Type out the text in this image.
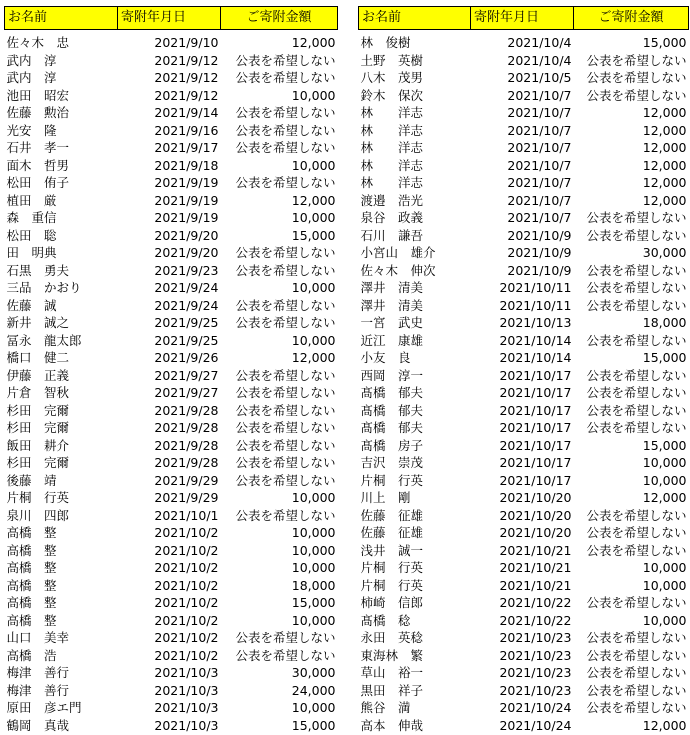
お名前	寄附年月日	ご寄附金額

佐々木　忠	2021/9/10	12,000
武内　淳	2021/9/12	公表を希望しない
武内　淳	2021/9/12	公表を希望しない
池田　昭宏	2021/9/12	10,000
佐藤　勲治	2021/9/14	公表を希望しない
光安　隆	2021/9/16	公表を希望しない
石井　孝一	2021/9/17	公表を希望しない
面木　哲男	2021/9/18	10,000
松田　侑子	2021/9/19	公表を希望しない
植田　厳	2021/9/19	12,000
森　重信	2021/9/19	10,000
松田　聡	2021/9/20	15,000
田　明典	2021/9/20	公表を希望しない
石黒　勇夫	2021/9/23	公表を希望しない
三品　かおり	2021/9/24	10,000
佐藤　誠	2021/9/24	公表を希望しない
新井　誠之	2021/9/25	公表を希望しない
冨永　龍太郎	2021/9/25	10,000
橋口　健二	2021/9/26	12,000
伊藤　正義	2021/9/27	公表を希望しない
片倉　智秋	2021/9/27	公表を希望しない
杉田　完爾	2021/9/28	公表を希望しない
杉田　完爾	2021/9/28	公表を希望しない
飯田　耕介	2021/9/28	公表を希望しない
杉田　完爾	2021/9/28	公表を希望しない
後藤　靖	2021/9/29	公表を希望しない
片桐　行英	2021/9/29	10,000
泉川　四郎	2021/10/1	公表を希望しない
高橋　整	2021/10/2	10,000
高橋　整	2021/10/2	10,000
高橋　整	2021/10/2	10,000
高橋　整	2021/10/2	18,000
高橋　整	2021/10/2	15,000
高橋　整	2021/10/2	10,000
山口　美幸	2021/10/2	公表を希望しない
高橋　浩	2021/10/2	公表を希望しない
梅津　善行	2021/10/3	30,000
梅津　善行	2021/10/3	24,000
原田　彦エ門	2021/10/3	10,000
鶴岡　真哉	2021/10/3	15,000
お名前	寄附年月日	ご寄附金額

林　俊樹	2021/10/4	15,000
土野　英樹	2021/10/4	公表を希望しない
八木　茂男	2021/10/5	公表を希望しない
鈴木　保次	2021/10/7	公表を希望しない
林　　洋志	2021/10/7	12,000
林　　洋志	2021/10/7	12,000
林　　洋志	2021/10/7	12,000
林　　洋志	2021/10/7	12,000
林　　洋志	2021/10/7	12,000
渡邉　浩光	2021/10/7	12,000
泉谷　政義	2021/10/7	公表を希望しない
石川　謙吾	2021/10/9	公表を希望しない
小宮山　雄介	2021/10/9	30,000
佐々木　伸次	2021/10/9	公表を希望しない
澤井　清美	2021/10/11	公表を希望しない
澤井　清美	2021/10/11	公表を希望しない
一宮　武史	2021/10/13	18,000
近江　康雄	2021/10/14	公表を希望しない
小友　良	2021/10/14	15,000
西岡　淳一	2021/10/17	公表を希望しない
髙橋　郁夫	2021/10/17	公表を希望しない
髙橋　郁夫	2021/10/17	公表を希望しない
髙橋　郁夫	2021/10/17	公表を希望しない
髙橋　房子	2021/10/17	15,000
吉沢　崇茂	2021/10/17	10,000
片桐　行英	2021/10/17	10,000
川上　剛	2021/10/20	12,000
佐藤　征雄	2021/10/20	公表を希望しない
佐藤　征雄	2021/10/20	公表を希望しない
浅井　誠一	2021/10/21	公表を希望しない
片桐　行英	2021/10/21	10,000
片桐　行英	2021/10/21	10,000
柿崎　信郎	2021/10/22	公表を希望しない
髙橋　稔	2021/10/22	10,000
永田　英稔	2021/10/23	公表を希望しない
東海林　繁	2021/10/23	公表を希望しない
草山　裕一	2021/10/23	公表を希望しない
黒田　祥子	2021/10/23	公表を希望しない
熊谷　満	2021/10/24	公表を希望しない
高本　伸哉	2021/10/24	12,000
